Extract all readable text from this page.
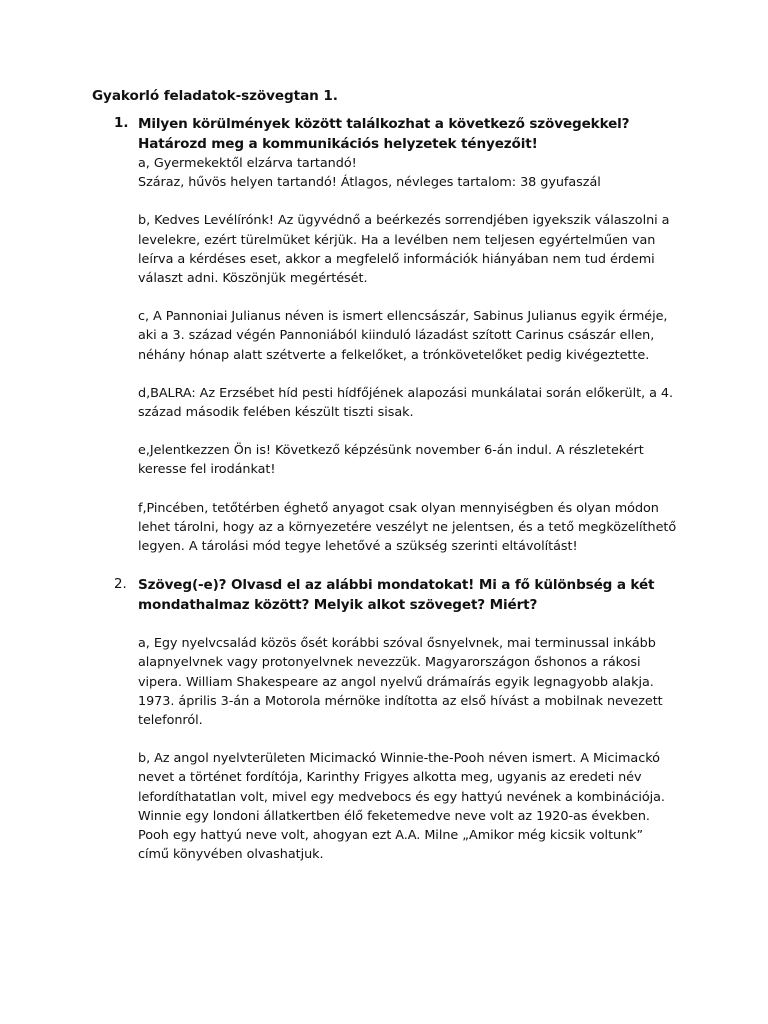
Gyakorló feladatok-szövegtan 1.

1. Milyen körülmények között találkozhat a következő szövegekkel? Határozd meg a kommunikációs helyzetek tényezőit!

a, Gyermekektől elzárva tartandó!

Száraz, hűvös helyen tartandó! Átlagos, névleges tartalom: 38 gyufaszál

b, Kedves Levélírónk! Az ügyvédnő a beérkezés sorrendjében igyekszik válaszolni a levelekre, ezért türelmüket kérjük. Ha a levélben nem teljesen egyértelműen van leírva a kérdéses eset, akkor a megfelelő információk hiányában nem tud érdemi választ adni. Köszönjük megértését.

c, A Pannoniai Julianus néven is ismert ellencsászár, Sabinus Julianus egyik érméje, aki a 3. század végén Pannoniából kiinduló lázadást szított Carinus császár ellen, néhány hónap alatt szétverte a felkelőket, a trónkövetelőket pedig kivégeztette.

d,BALRA: Az Erzsébet híd pesti hídfőjének alapozási munkálatai során előkerült, a 4. század második felében készült tiszti sisak.

e,Jelentkezzen Ön is! Következő képzésünk november 6-án indul. A részletekért keresse fel irodánkat!

f,Pincében, tetőtérben éghető anyagot csak olyan mennyiségben és olyan módon lehet tárolni, hogy az a környezetére veszélyt ne jelentsen, és a tető megközelíthető legyen. A tárolási mód tegye lehetővé a szükség szerinti eltávolítást!

2. Szöveg(-e)? Olvasd el az alábbi mondatokat! Mi a fő különbség a két mondathalmaz között? Melyik alkot szöveget? Miért?

a, Egy nyelvcsalád közös ősét korábbi szóval ősnyelvnek, mai terminussal inkább alapnyelvnek vagy protonyelvnek nevezzük. Magyarországon őshonos a rákosi vipera. William Shakespeare az angol nyelvű drámaírás egyik legnagyobb alakja. 1973. április 3-án a Motorola mérnöke indította az első hívást a mobilnak nevezett telefonról.

b, Az angol nyelvterületen Micimackó Winnie-the-Pooh néven ismert. A Micimackó nevet a történet fordítója, Karinthy Frigyes alkotta meg, ugyanis az eredeti név lefordíthatatlan volt, mivel egy medvebocs és egy hattyú nevének a kombinációja. Winnie egy londoni állatkertben élő feketemedve neve volt az 1920-as években. Pooh egy hattyú neve volt, ahogyan ezt A.A. Milne „Amikor még kicsik voltunk” című könyvében olvashatjuk.
